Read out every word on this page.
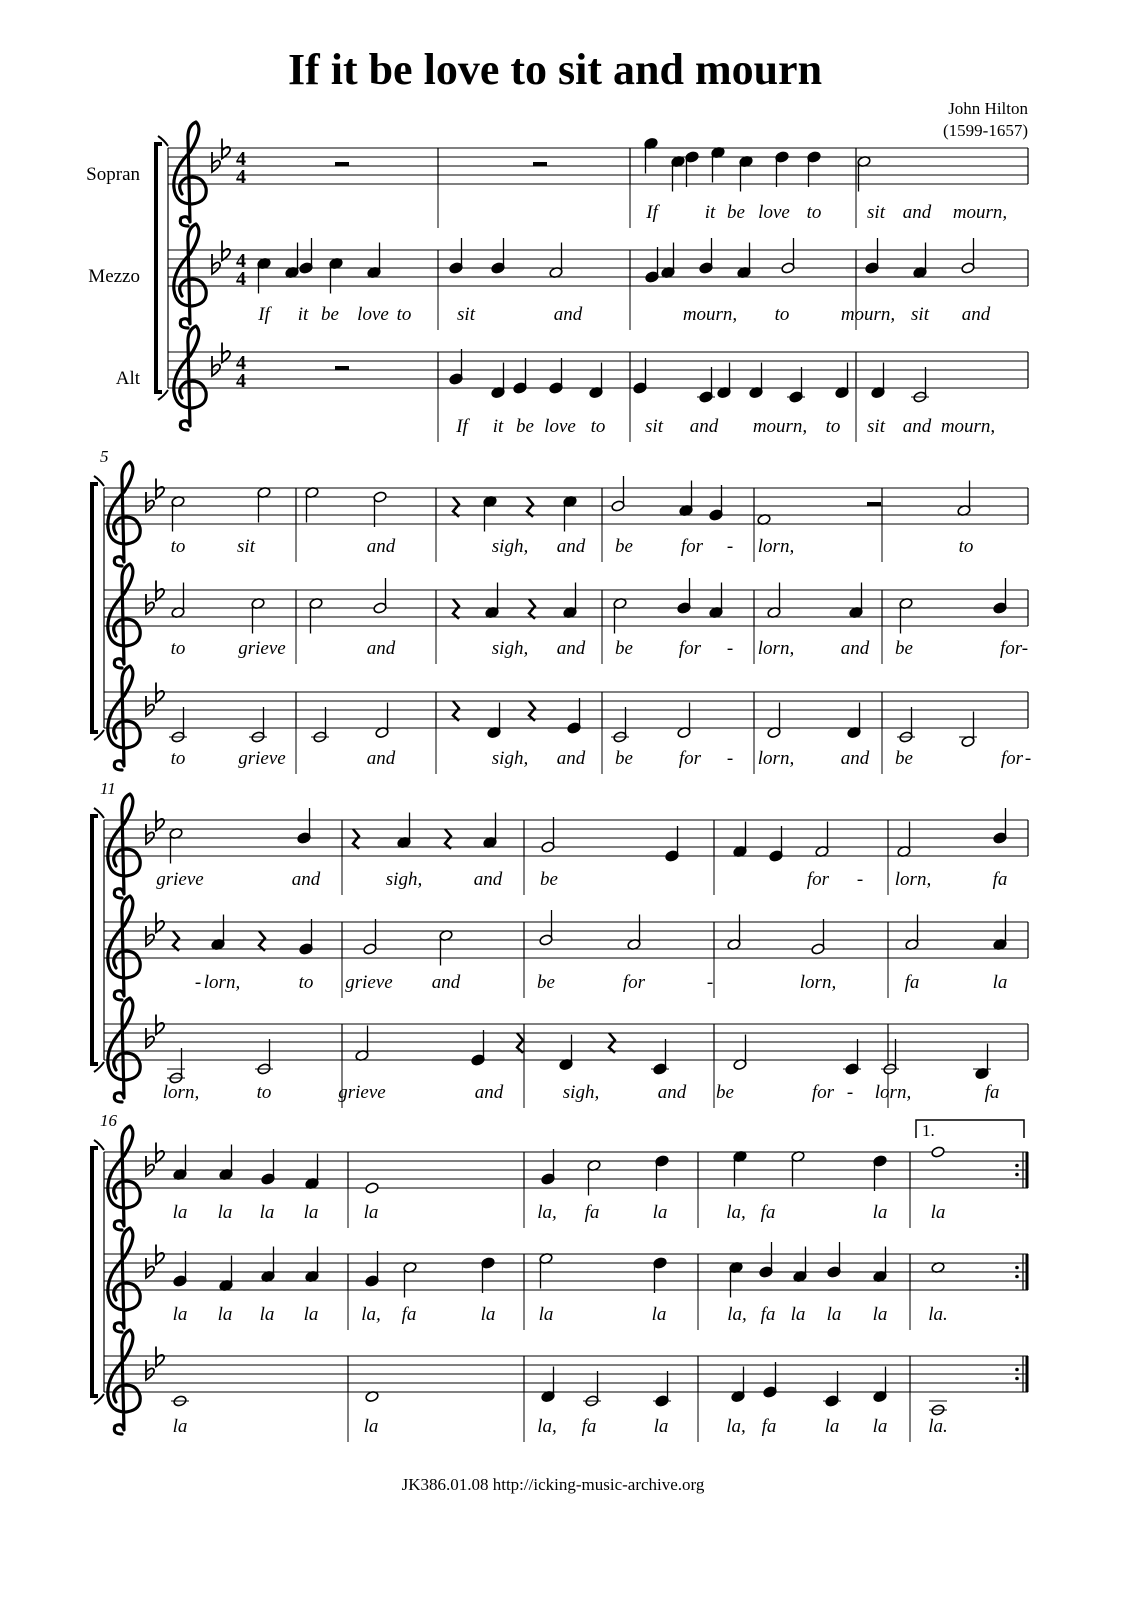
If it be love to sit and mourn
John Hilton
(1599-1657)
Sopran
Mezzo
Alt
5
11
16
4
4
If it be love to sit and mourn,
4
4
If it be love to sit	and	mourn, to	sit and
mourn,
4
4
If it be love to sit and mourn, to sit and mourn,
to	sit	and	sigh, and be	for - lorn,	to
to	grieve	and	sigh, and be for - lorn, and be	for-
to	grieve	and	sigh, and be for - lorn, and be	for -
grieve	and	sigh,	and be	for - lorn,	fa
- lorn,	to grieve and	be	for	-	lorn,	fa	la
lorn,	to	grieve	and	sigh,	and be	for - lorn,	fa
la la la la la	la, fa	la	la, fa	la la
la la la la la, fa	la la	la	la, fa la la la la.
la	la	la, fa	la	la, fa	la la la.
1.
JK386.01.08 http://icking-music-archive.org
